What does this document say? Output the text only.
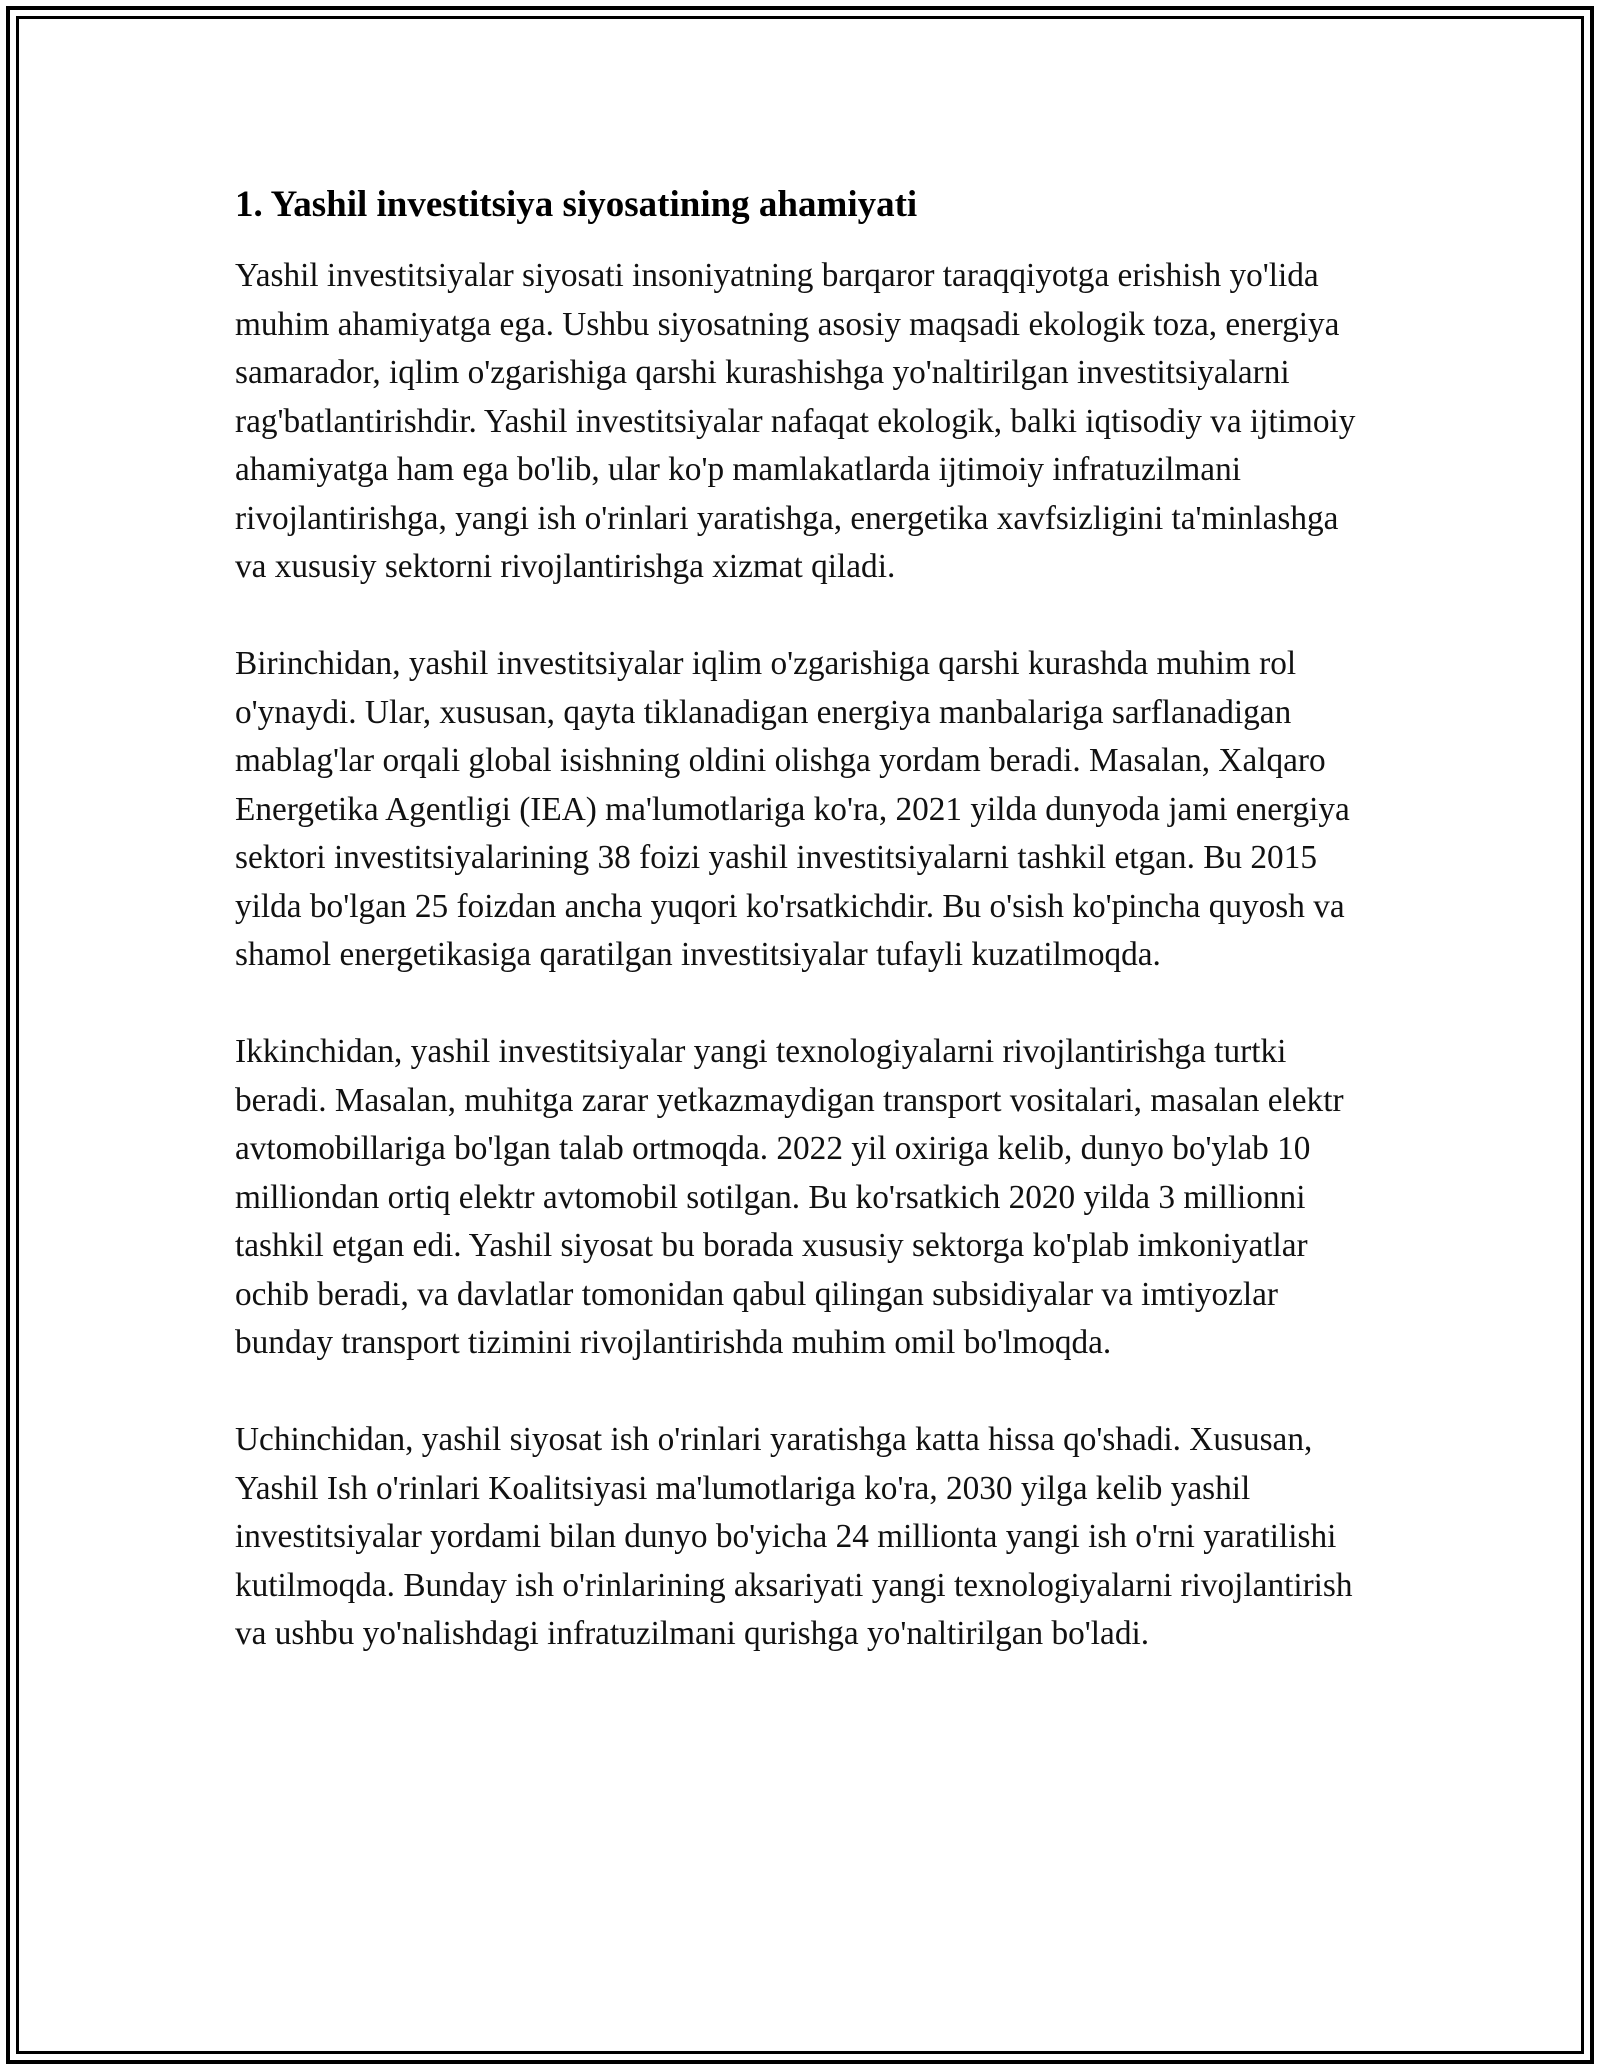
1. Yashil investitsiya siyosatining ahamiyati

Yashil investitsiyalar siyosati insoniyatning barqaror taraqqiyotga erishish yo'lida muhim ahamiyatga ega. Ushbu siyosatning asosiy maqsadi ekologik toza, energiya samarador, iqlim o'zgarishiga qarshi kurashishga yo'naltirilgan investitsiyalarni rag'batlantirishdir. Yashil investitsiyalar nafaqat ekologik, balki iqtisodiy va ijtimoiy ahamiyatga ham ega bo'lib, ular ko'p mamlakatlarda ijtimoiy infratuzilmani rivojlantirishga, yangi ish o'rinlari yaratishga, energetika xavfsizligini ta'minlashga va xususiy sektorni rivojlantirishga xizmat qiladi.

Birinchidan, yashil investitsiyalar iqlim o'zgarishiga qarshi kurashda muhim rol o'ynaydi. Ular, xususan, qayta tiklanadigan energiya manbalariga sarflanadigan mablag'lar orqali global isishning oldini olishga yordam beradi. Masalan, Xalqaro Energetika Agentligi (IEA) ma'lumotlariga ko'ra, 2021 yilda dunyoda jami energiya sektori investitsiyalarining 38 foizi yashil investitsiyalarni tashkil etgan. Bu 2015 yilda bo'lgan 25 foizdan ancha yuqori ko'rsatkichdir. Bu o'sish ko'pincha quyosh va shamol energetikasiga qaratilgan investitsiyalar tufayli kuzatilmoqda.

Ikkinchidan, yashil investitsiyalar yangi texnologiyalarni rivojlantirishga turtki beradi. Masalan, muhitga zarar yetkazmaydigan transport vositalari, masalan elektr avtomobillariga bo'lgan talab ortmoqda. 2022 yil oxiriga kelib, dunyo bo'ylab 10 milliondan ortiq elektr avtomobil sotilgan. Bu ko'rsatkich 2020 yilda 3 millionni tashkil etgan edi. Yashil siyosat bu borada xususiy sektorga ko'plab imkoniyatlar ochib beradi, va davlatlar tomonidan qabul qilingan subsidiyalar va imtiyozlar bunday transport tizimini rivojlantirishda muhim omil bo'lmoqda.

Uchinchidan, yashil siyosat ish o'rinlari yaratishga katta hissa qo'shadi. Xususan, Yashil Ish o'rinlari Koalitsiyasi ma'lumotlariga ko'ra, 2030 yilga kelib yashil investitsiyalar yordami bilan dunyo bo'yicha 24 millionta yangi ish o'rni yaratilishi kutilmoqda. Bunday ish o'rinlarining aksariyati yangi texnologiyalarni rivojlantirish va ushbu yo'nalishdagi infratuzilmani qurishga yo'naltirilgan bo'ladi.
